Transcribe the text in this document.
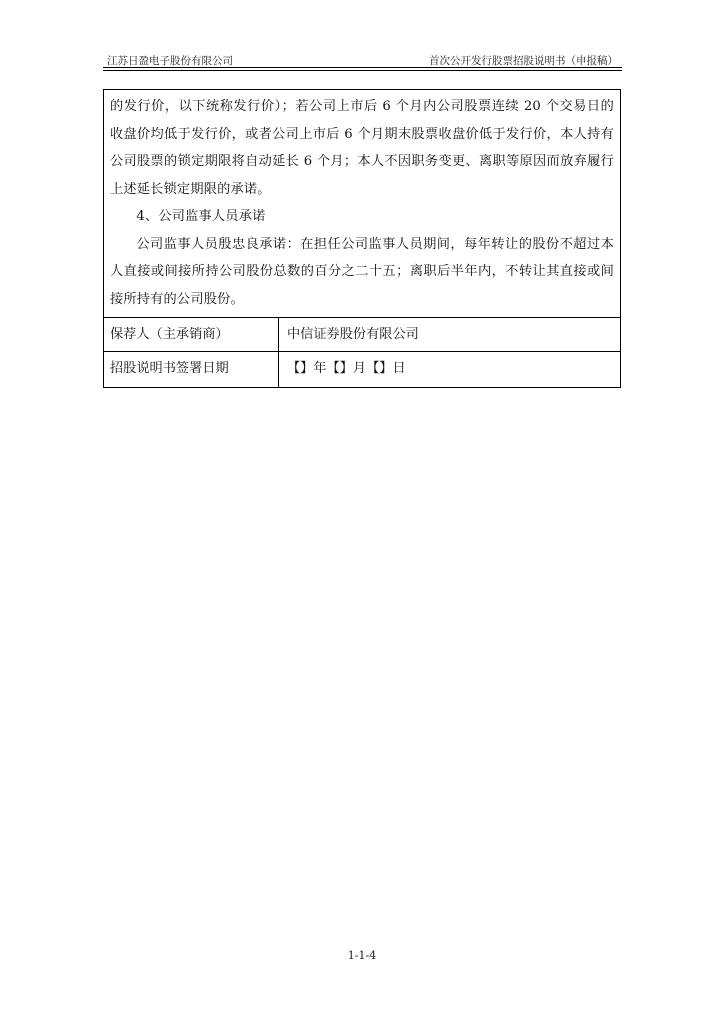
江苏日盈电子股份有限公司	首次公开发行股票招股说明书（申报稿）

的发行价，以下统称发行价）；若公司上市后 6 个月内公司股票连续 20 个交易日的收盘价均低于发行价，或者公司上市后 6 个月期末股票收盘价低于发行价，本人持有公司股票的锁定期限将自动延长 6 个月；本人不因职务变更、离职等原因而放弃履行上述延长锁定期限的承诺。

4、公司监事人员承诺

公司监事人员殷忠良承诺：在担任公司监事人员期间，每年转让的股份不超过本人直接或间接所持公司股份总数的百分之二十五；离职后半年内，不转让其直接或间接所持有的公司股份。

保荐人（主承销商）	中信证券股份有限公司
招股说明书签署日期	【】年【】月【】日
1-1-4
